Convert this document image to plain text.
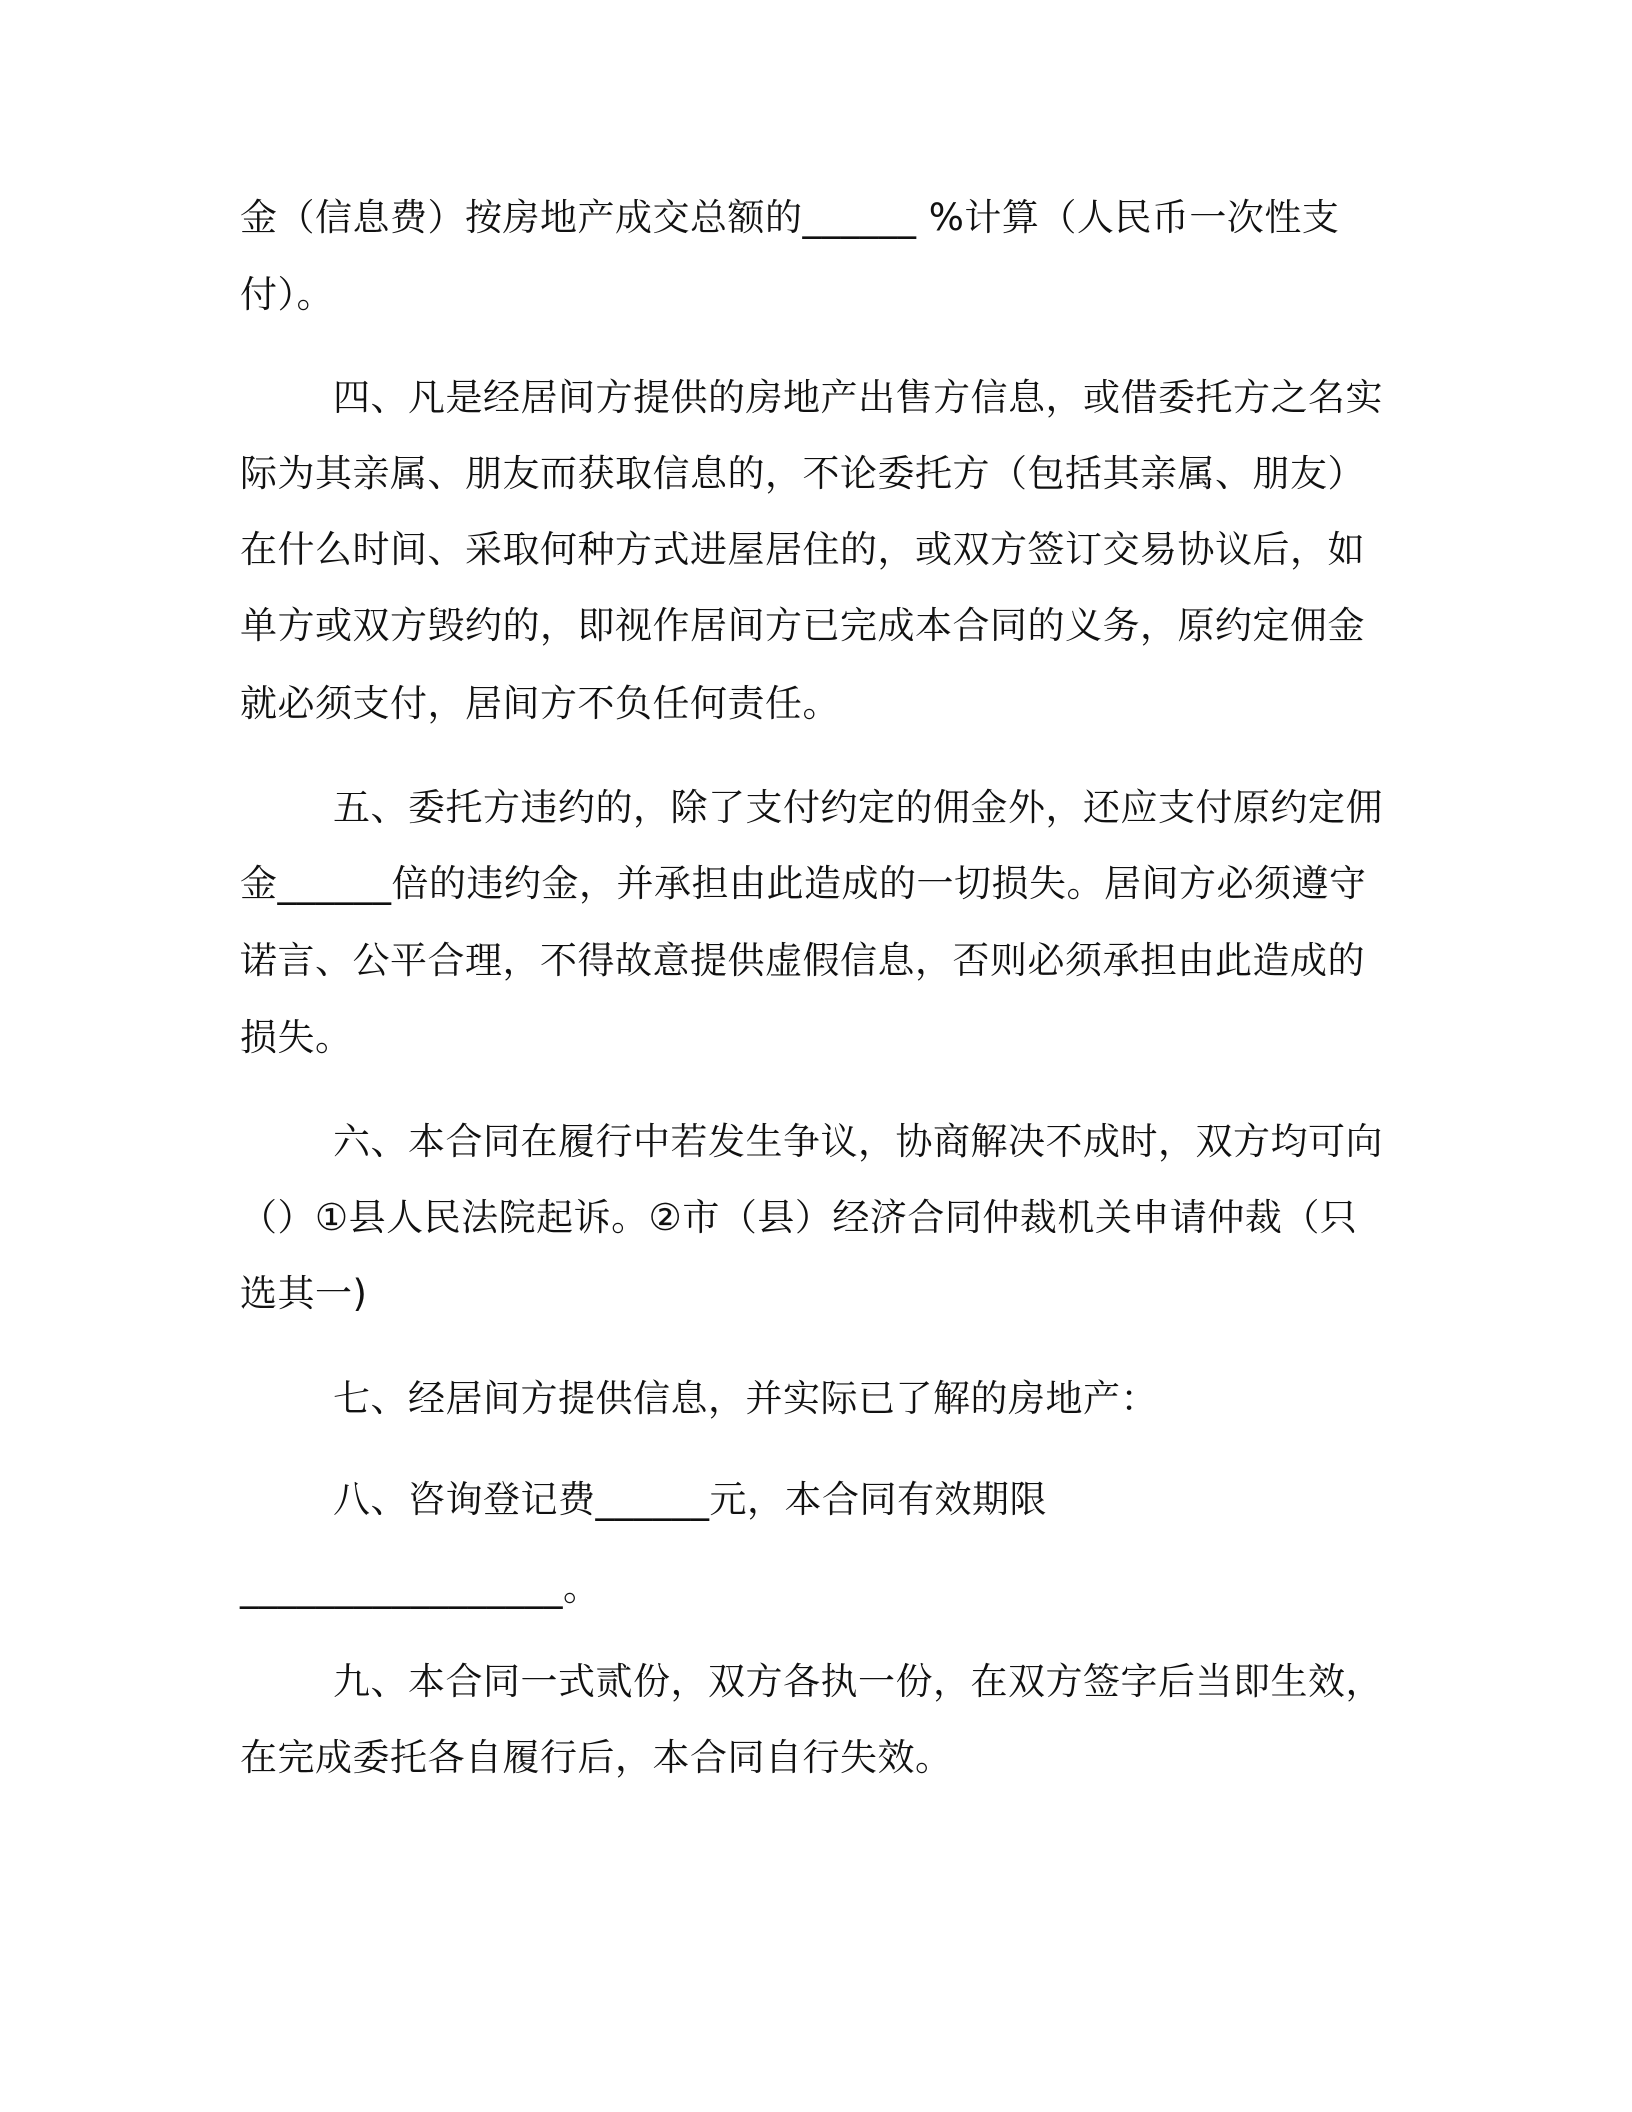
金（信息费）按房地产成交总额的______ %计算（人民币一次性支
付）。
四、凡是经居间方提供的房地产出售方信息，或借委托方之名实
际为其亲属、朋友而获取信息的，不论委托方（包括其亲属、朋友）
在什么时间、采取何种方式进屋居住的，或双方签订交易协议后，如
单方或双方毁约的，即视作居间方已完成本合同的义务，原约定佣金
就必须支付，居间方不负任何责任。
五、委托方违约的，除了支付约定的佣金外，还应支付原约定佣
金______倍的违约金，并承担由此造成的一切损失。居间方必须遵守
诺言、公平合理，不得故意提供虚假信息，否则必须承担由此造成的
损失。
六、本合同在履行中若发生争议，协商解决不成时，双方均可向
（）①县人民法院起诉。②市（县）经济合同仲裁机关申请仲裁（只
选其一)
七、经居间方提供信息，并实际已了解的房地产：
八、咨询登记费______元，本合同有效期限
_________________。
九、本合同一式贰份，双方各执一份，在双方签字后当即生效，
在完成委托各自履行后，本合同自行失效。
